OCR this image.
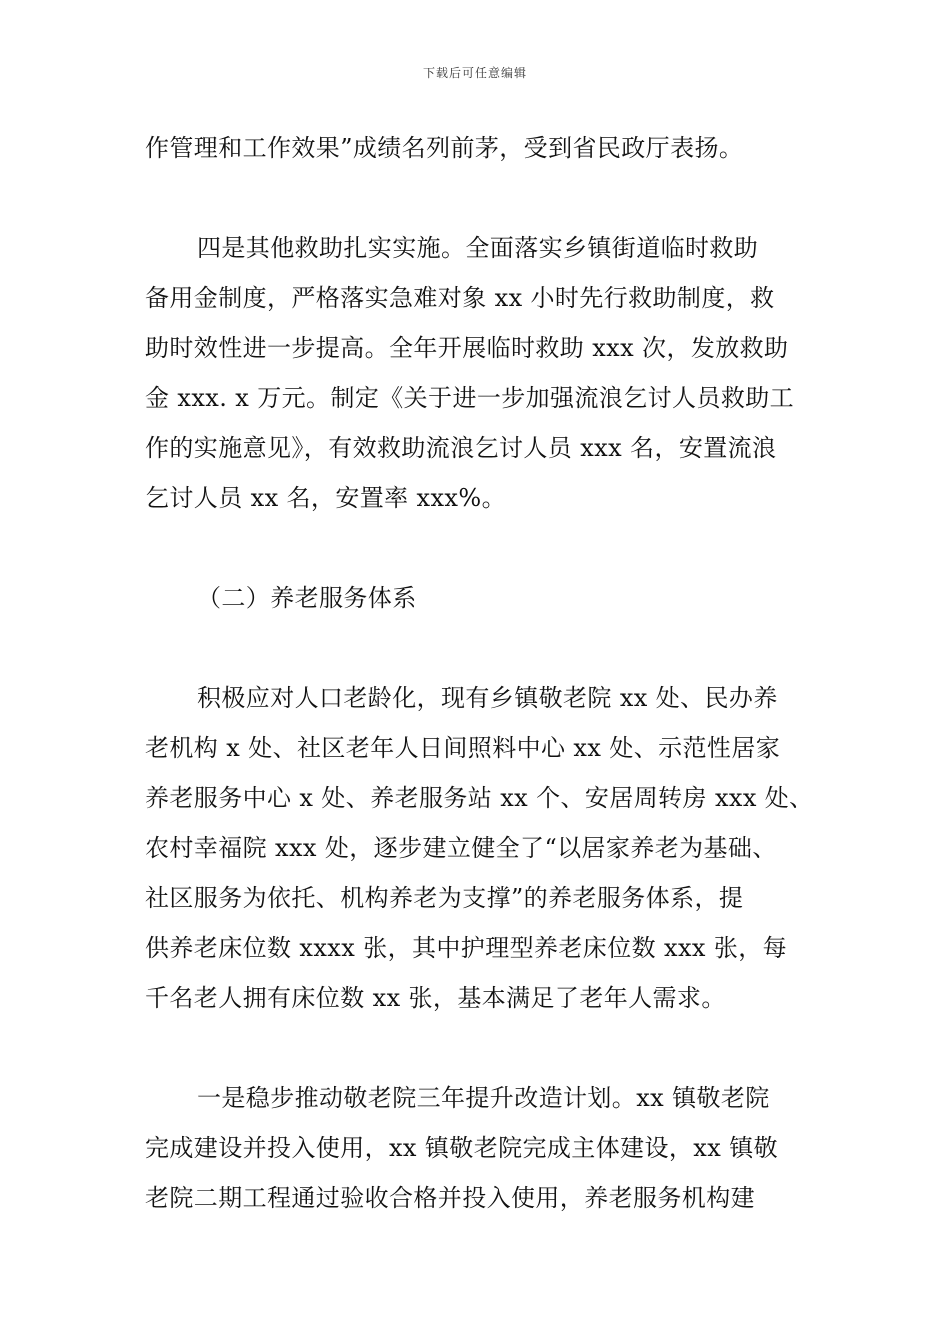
下载后可任意编辑
作管理和工作效果”成绩名列前茅，受到省民政厅表扬。
四是其他救助扎实实施。全面落实乡镇街道临时救助
备用金制度，严格落实急难对象 xx 小时先行救助制度，救
助时效性进一步提高。全年开展临时救助 xxx 次，发放救助
金 xxx. x 万元。制定《关于进一步加强流浪乞讨人员救助工
作的实施意见》，有效救助流浪乞讨人员 xxx 名，安置流浪
乞讨人员 xx 名，安置率 xxx%。
（二）养老服务体系
积极应对人口老龄化，现有乡镇敬老院 xx 处、民办养
老机构 x 处、社区老年人日间照料中心 xx 处、示范性居家
养老服务中心 x 处、养老服务站 xx 个、安居周转房 xxx 处、
农村幸福院 xxx 处，逐步建立健全了“以居家养老为基础、
社区服务为依托、机构养老为支撑”的养老服务体系，提
供养老床位数 xxxx 张，其中护理型养老床位数 xxx 张，每
千名老人拥有床位数 xx 张，基本满足了老年人需求。
一是稳步推动敬老院三年提升改造计划。xx 镇敬老院
完成建设并投入使用，xx 镇敬老院完成主体建设，xx 镇敬
老院二期工程通过验收合格并投入使用，养老服务机构建
